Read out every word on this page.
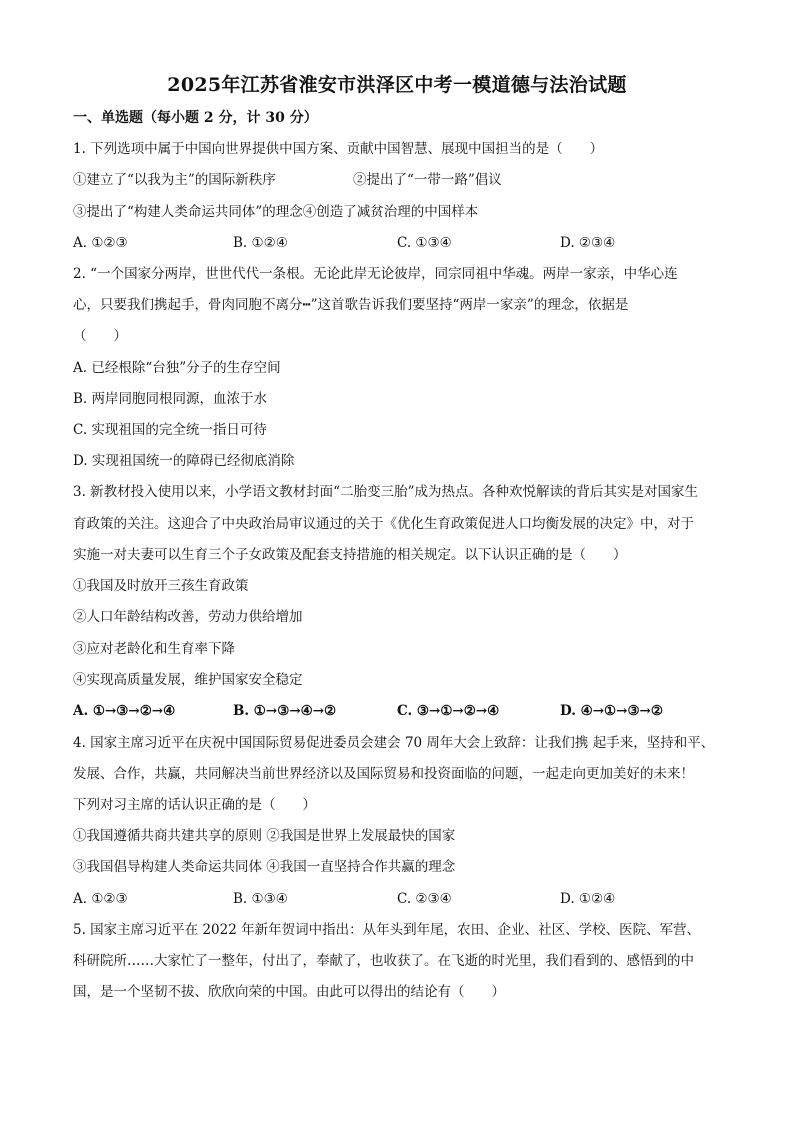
2025年江苏省淮安市洪泽区中考一模道德与法治试题
一、单选题（每小题 2 分，计 30 分）
1. 下列选项中属于中国向世界提供中国方案、贡献中国智慧、展现中国担当的是（　　）
①建立了“以我为主”的国际新秩序	②提出了“一带一路”倡议
③提出了“构建人类命运共同体”的理念④创造了减贫治理的中国样本
A. ①②③	B. ①②④	C. ①③④	D. ②③④
2. “一个国家分两岸，世世代代一条根。无论此岸无论彼岸，同宗同祖中华魂。两岸一家亲，中华心连
心，只要我们携起手，骨肉同胞不离分┅”这首歌告诉我们要坚持“两岸一家亲”的理念，依据是
（　　）
A. 已经根除“台独”分子的生存空间
B. 两岸同胞同根同源，血浓于水
C. 实现祖国的完全统一指日可待
D. 实现祖国统一的障碍已经彻底消除
3. 新教材投入使用以来，小学语文教材封面“二胎变三胎”成为热点。各种欢悦解读的背后其实是对国家生
育政策的关注。这迎合了中央政治局审议通过的关于《优化生育政策促进人口均衡发展的决定》中，对于
实施一对夫妻可以生育三个子女政策及配套支持措施的相关规定。以下认识正确的是（　　）
①我国及时放开三孩生育政策
②人口年龄结构改善，劳动力供给增加
③应对老龄化和生育率下降
④实现高质量发展，维护国家安全稳定
A. ①→③→②→④	B. ①→③→④→②	C. ③→①→②→④	D. ④→①→③→②
4. 国家主席习近平在庆祝中国国际贸易促进委员会建会 70 周年大会上致辞：让我们携 起手来，坚持和平、
发展、合作，共赢，共同解决当前世界经济以及国际贸易和投资面临的问题，一起走向更加美好的未来！
下列对习主席的话认识正确的是（　　）
①我国遵循共商共建共享的原则 ②我国是世界上发展最快的国家
③我国倡导构建人类命运共同体 ④我国一直坚持合作共赢的理念
A. ①②③	B. ①③④	C. ②③④	D. ①②④
5. 国家主席习近平在 2022 年新年贺词中指出：从年头到年尾，农田、企业、社区、学校、医院、军营、
科研院所……大家忙了一整年，付出了，奉献了，也收获了。在飞逝的时光里，我们看到的、感悟到的中
国，是一个坚韧不拔、欣欣向荣的中国。由此可以得出的结论有（　　）
